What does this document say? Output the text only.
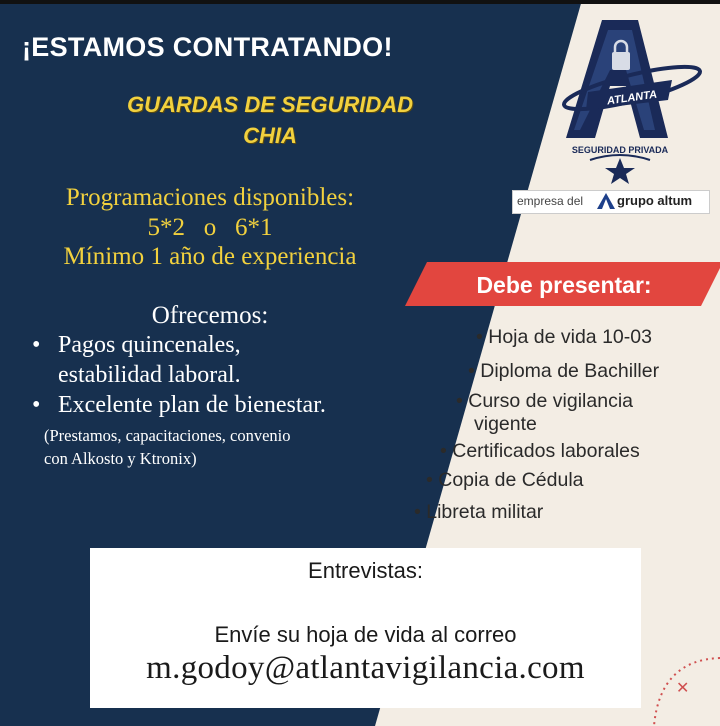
¡ESTAMOS CONTRATANDO!
GUARDAS DE SEGURIDAD
CHIA
Programaciones disponibles:
5*2   o   6*1
Mínimo 1 año de experiencia
Ofrecemos:
• Pagos quincenales,
estabilidad laboral.
• Excelente plan de bienestar.
(Prestamos, capacitaciones, convenio
con Alkosto y Ktronix)
ATLANTA
SEGURIDAD PRIVADA
empresa del	grupo altum
Debe presentar:
• Hoja de vida 10-03
• Diploma de Bachiller
• Curso de vigilancia
vigente
• Certificados laborales
• Copia de Cédula
• Libreta militar
✕
Entrevistas:
Envíe su hoja de vida al correo
m.godoy@atlantavigilancia.com
